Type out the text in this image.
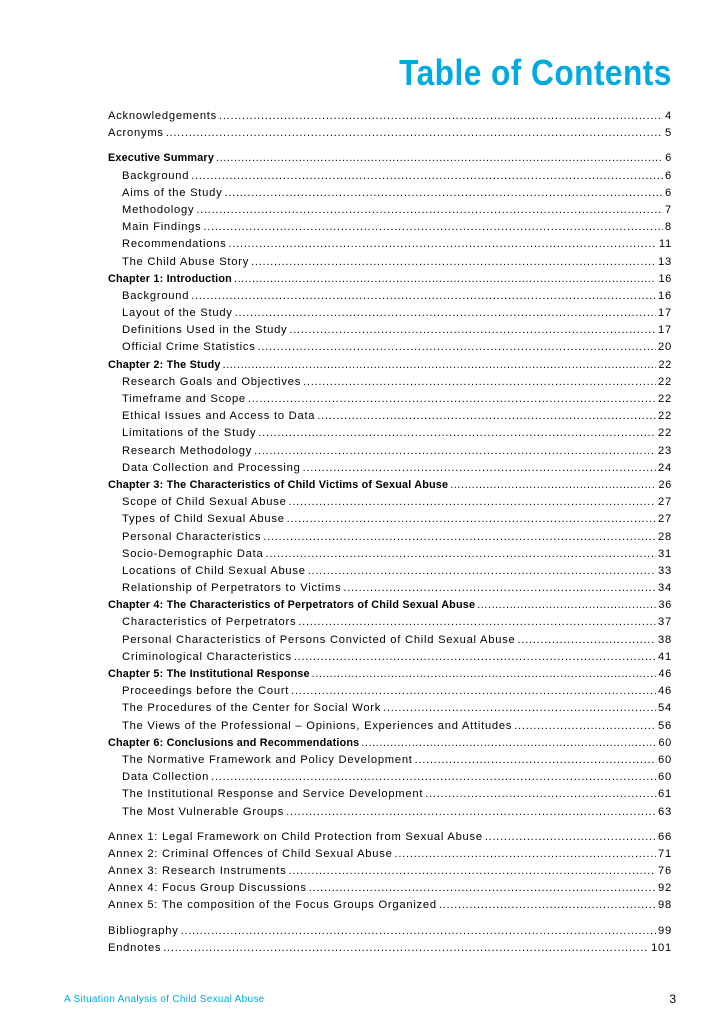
Table of Contents
Acknowledgements . . .	4
Acronyms . . .	5
Executive Summary . . .	6
Background . . .	6
Aims of the Study . . .	6
Methodology . . .	7
Main Findings . . .	8
Recommendations . . .	11
The Child Abuse Story . . .	13
Chapter 1: Introduction . . .	16
Background . . .	16
Layout of the Study . . .	17
Definitions Used in the Study . . .	17
Official Crime Statistics . . .	20
Chapter 2: The Study . . .	22
Research Goals and Objectives . . .	22
Timeframe and Scope . . .	22
Ethical Issues and Access to Data . . .	22
Limitations of the Study . . .	22
Research Methodology . . .	23
Data Collection and Processing . . .	24
Chapter 3: The Characteristics of Child Victims of Sexual Abuse . . .	26
Scope of Child Sexual Abuse . . .	27
Types of Child Sexual Abuse . . .	27
Personal Characteristics . . .	28
Socio-Demographic Data . . .	31
Locations of Child Sexual Abuse . . .	33
Relationship of Perpetrators to Victims . . .	34
Chapter 4: The Characteristics of Perpetrators of Child Sexual Abuse . . .	36
Characteristics of Perpetrators . . .	37
Personal Characteristics of Persons Convicted of Child Sexual Abuse . . .	38
Criminological Characteristics . . .	41
Chapter 5: The Institutional Response . . .	46
Proceedings before the Court . . .	46
The Procedures of the Center for Social Work . . .	54
The Views of the Professional – Opinions, Experiences and Attitudes . . .	56
Chapter 6: Conclusions and Recommendations . . .	60
The Normative Framework and Policy Development . . .	60
Data Collection . . .	60
The Institutional Response and Service Development . . .	61
The Most Vulnerable Groups . . .	63
Annex 1: Legal Framework on Child Protection from Sexual Abuse . . .	66
Annex 2: Criminal Offences of Child Sexual Abuse . . .	71
Annex 3: Research Instruments . . .	76
Annex 4: Focus Group Discussions . . .	92
Annex 5: The composition of the Focus Groups Organized . . .	98
Bibliography . . .	99
Endnotes . . .	101
A Situation Analysis of Child Sexual Abuse	3
